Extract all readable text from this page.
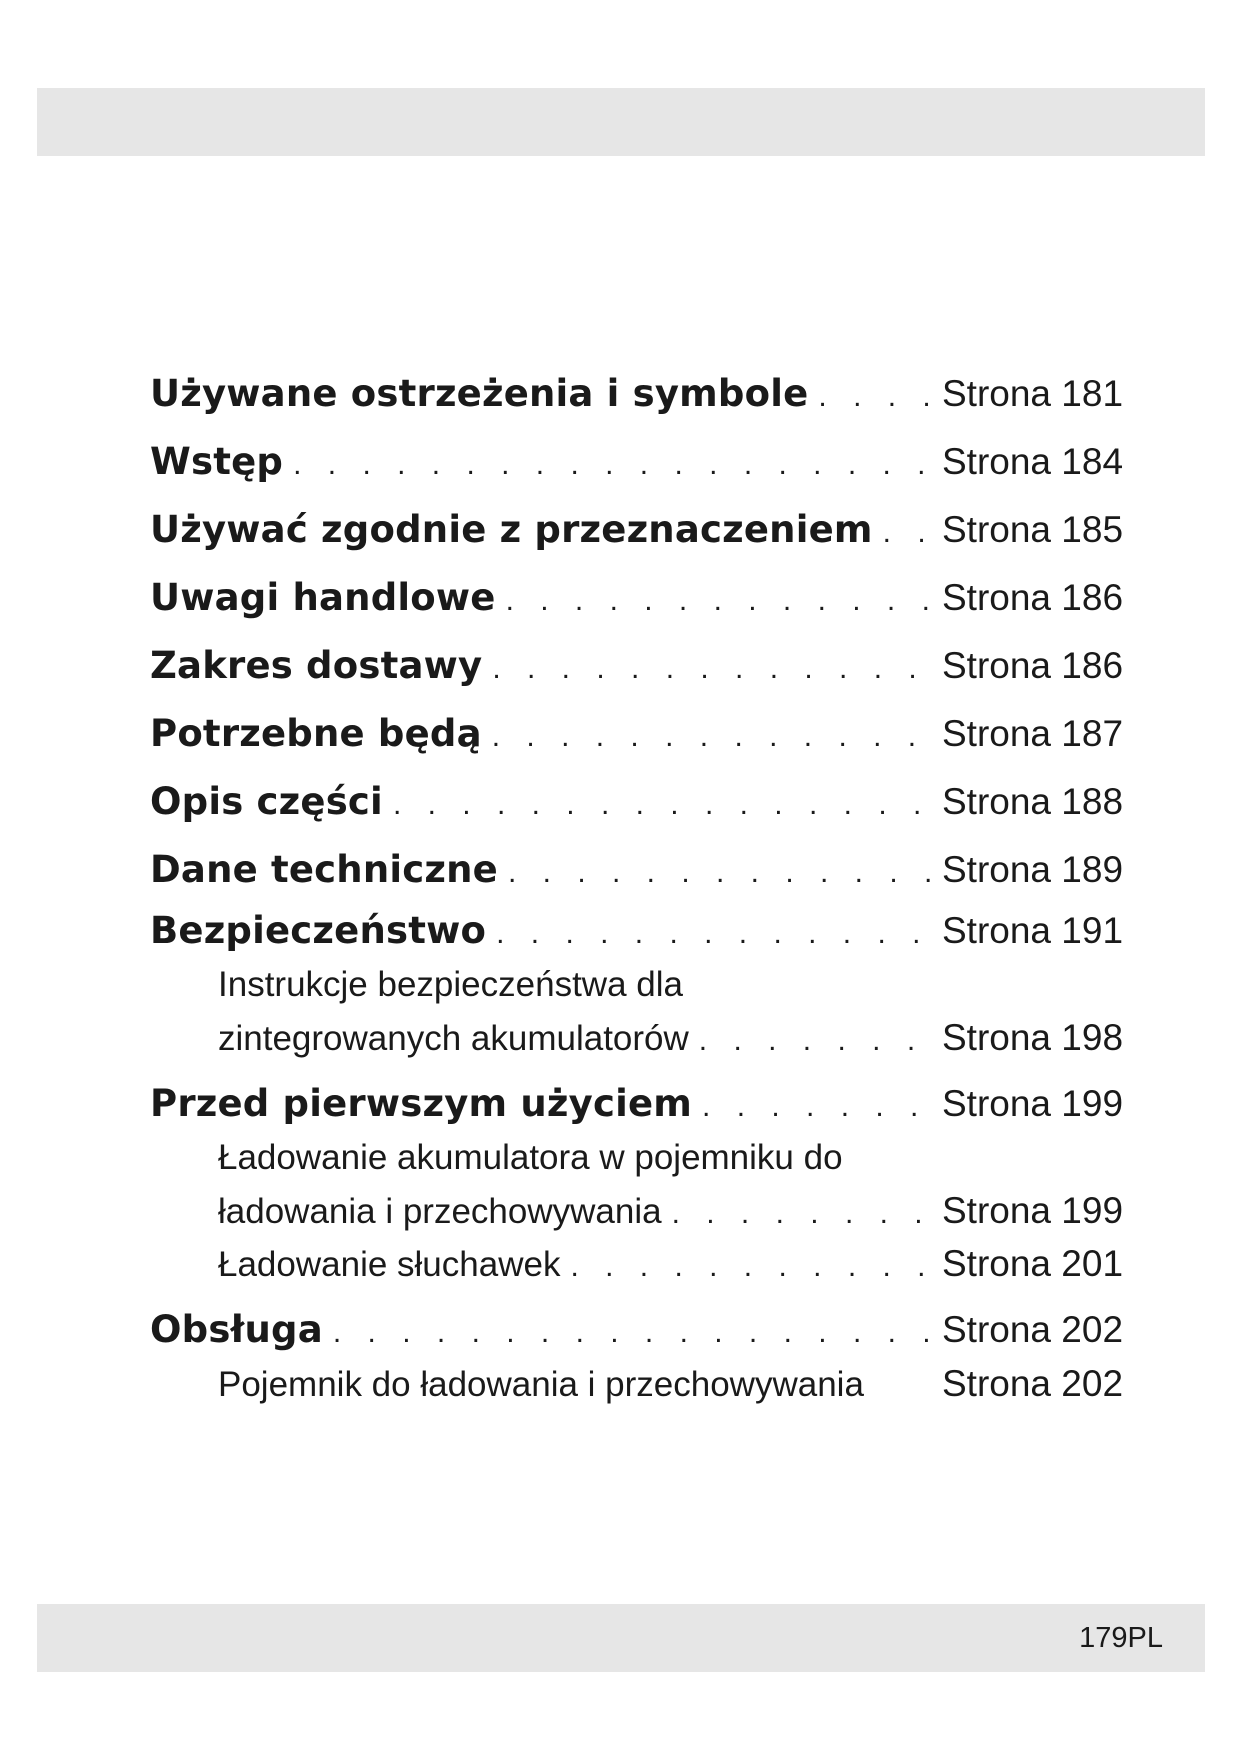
Używane ostrzeżenia i symbole . . .	Strona 181
Wstęp . . .	Strona 184
Używać zgodnie z przeznaczeniem . . . Strona 185
Uwagi handlowe . . .	Strona 186
Zakres dostawy . . .	Strona 186
Potrzebne będą . . .	Strona 187
Opis części . . .	Strona 188
Dane techniczne . . .	Strona 189
Bezpieczeństwo . . .	Strona 191
Instrukcje bezpieczeństwa dla
zintegrowanych akumulatorów . . .	Strona 198
Przed pierwszym użyciem . . .	Strona 199
Ładowanie akumulatora w pojemniku do
ładowania i przechowywania . . .	Strona 199
Ładowanie słuchawek . . .	Strona 201
Obsługa . . .	Strona 202
Pojemnik do ładowania i przechowywania Strona 202
179PL
